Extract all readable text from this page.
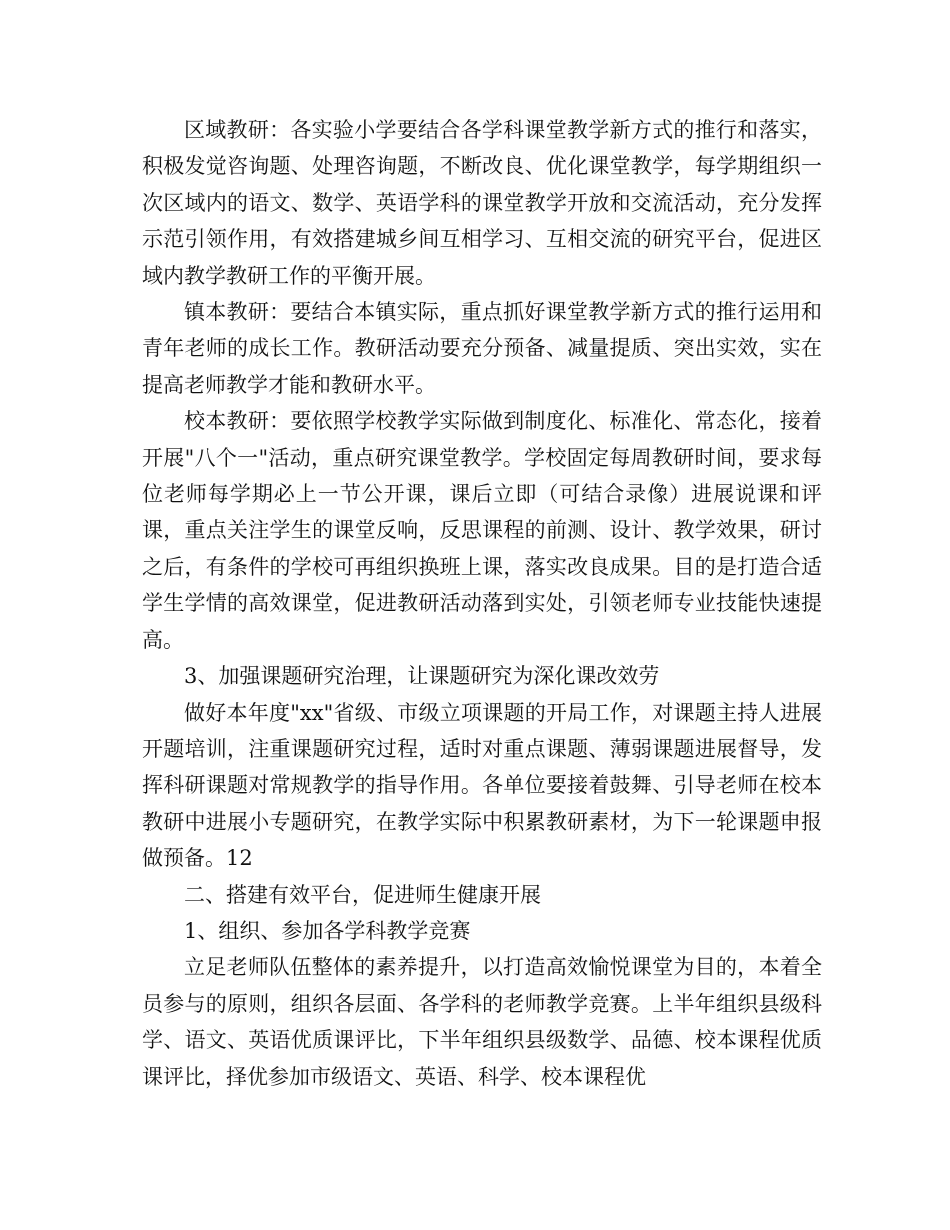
区域教研：各实验小学要结合各学科课堂教学新方式的推行和落实，积极发觉咨询题、处理咨询题，不断改良、优化课堂教学，每学期组织一次区域内的语文、数学、英语学科的课堂教学开放和交流活动，充分发挥示范引领作用，有效搭建城乡间互相学习、互相交流的研究平台，促进区域内教学教研工作的平衡开展。

镇本教研：要结合本镇实际，重点抓好课堂教学新方式的推行运用和青年老师的成长工作。教研活动要充分预备、减量提质、突出实效，实在提高老师教学才能和教研水平。

校本教研：要依照学校教学实际做到制度化、标准化、常态化，接着开展"八个一"活动，重点研究课堂教学。学校固定每周教研时间，要求每位老师每学期必上一节公开课，课后立即（可结合录像）进展说课和评课，重点关注学生的课堂反响，反思课程的前测、设计、教学效果，研讨之后，有条件的学校可再组织换班上课，落实改良成果。目的是打造合适学生学情的高效课堂，促进教研活动落到实处，引领老师专业技能快速提高。

3、加强课题研究治理，让课题研究为深化课改效劳

做好本年度"xx"省级、市级立项课题的开局工作，对课题主持人进展开题培训，注重课题研究过程，适时对重点课题、薄弱课题进展督导，发挥科研课题对常规教学的指导作用。各单位要接着鼓舞、引导老师在校本教研中进展小专题研究，在教学实际中积累教研素材，为下一轮课题申报做预备。12

二、搭建有效平台，促进师生健康开展

1、组织、参加各学科教学竞赛

立足老师队伍整体的素养提升，以打造高效愉悦课堂为目的，本着全员参与的原则，组织各层面、各学科的老师教学竞赛。上半年组织县级科学、语文、英语优质课评比，下半年组织县级数学、品德、校本课程优质课评比，择优参加市级语文、英语、科学、校本课程优
